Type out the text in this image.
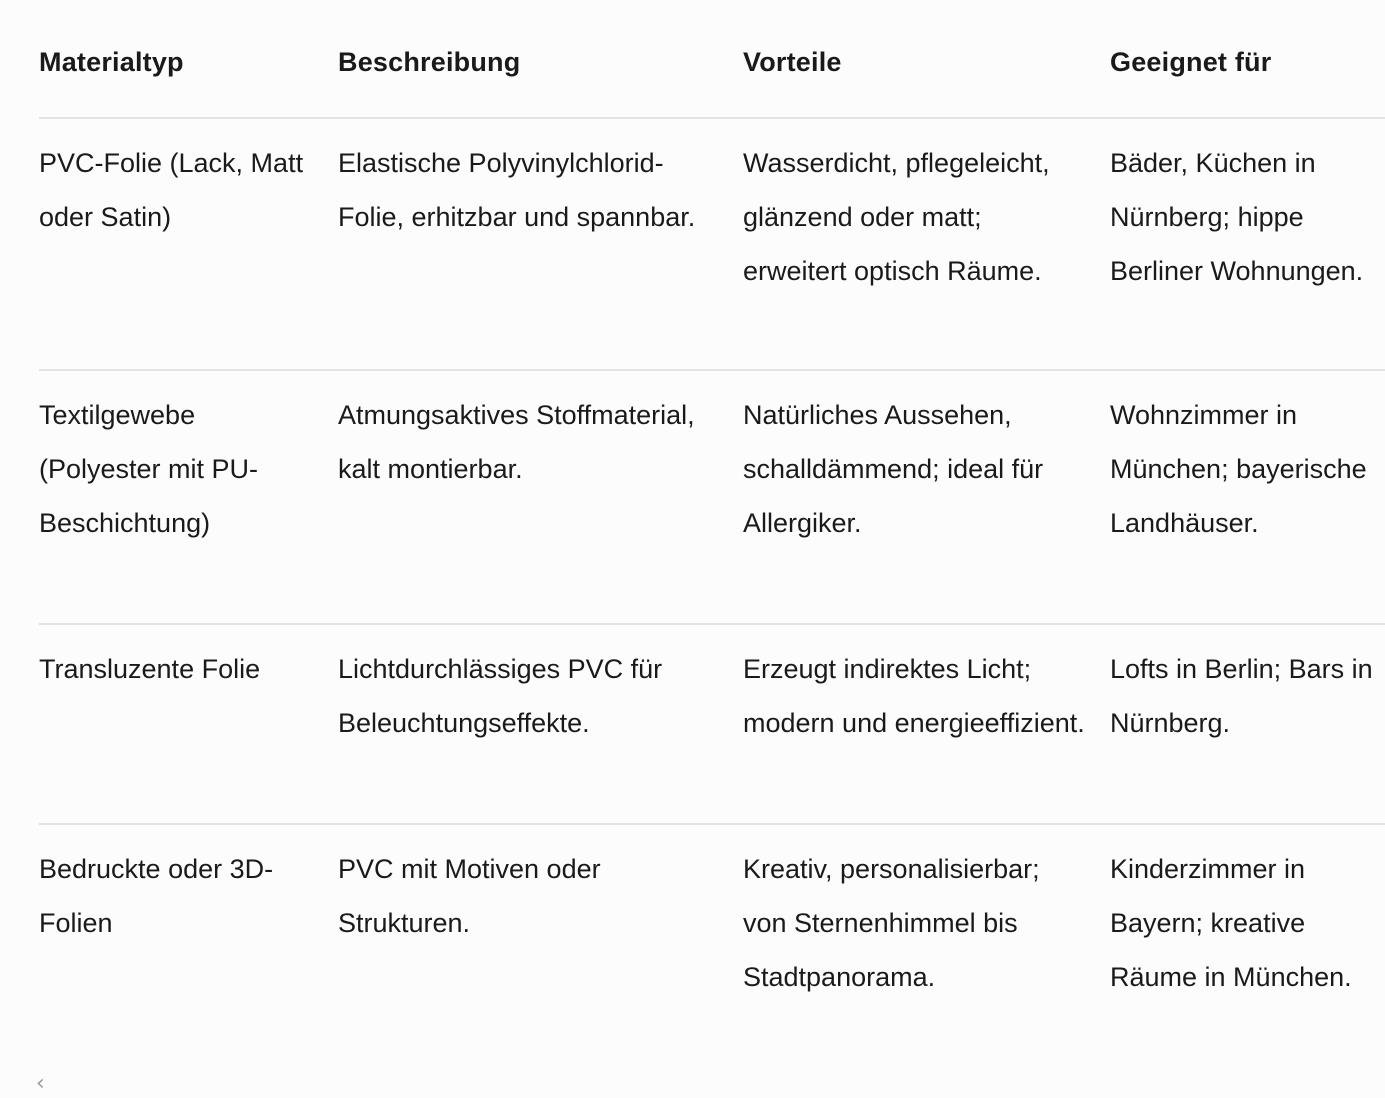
Materialtyp	Beschreibung	Vorteile	Geeignet für
PVC-Folie (Lack, Matt oder Satin)	Elastische Polyvinylchlorid-Folie, erhitzbar und spannbar.	Wasserdicht, pflegeleicht, glänzend oder matt; erweitert optisch Räume.	Bäder, Küchen in Nürnberg; hippe Berliner Wohnungen.
Textilgewebe (Polyester mit PU-Beschichtung)	Atmungsaktives Stoffmaterial, kalt montierbar.	Natürliches Aussehen, schalldämmend; ideal für Allergiker.	Wohnzimmer in München; bayerische Landhäuser.
Transluzente Folie	Lichtdurchlässiges PVC für Beleuchtungseffekte.	Erzeugt indirektes Licht; modern und energieeffizient.	Lofts in Berlin; Bars in Nürnberg.
Bedruckte oder 3D-Folien	PVC mit Motiven oder Strukturen.	Kreativ, personalisierbar; von Sternenhimmel bis Stadtpanorama.	Kinderzimmer in Bayern; kreative Räume in München.
‹
